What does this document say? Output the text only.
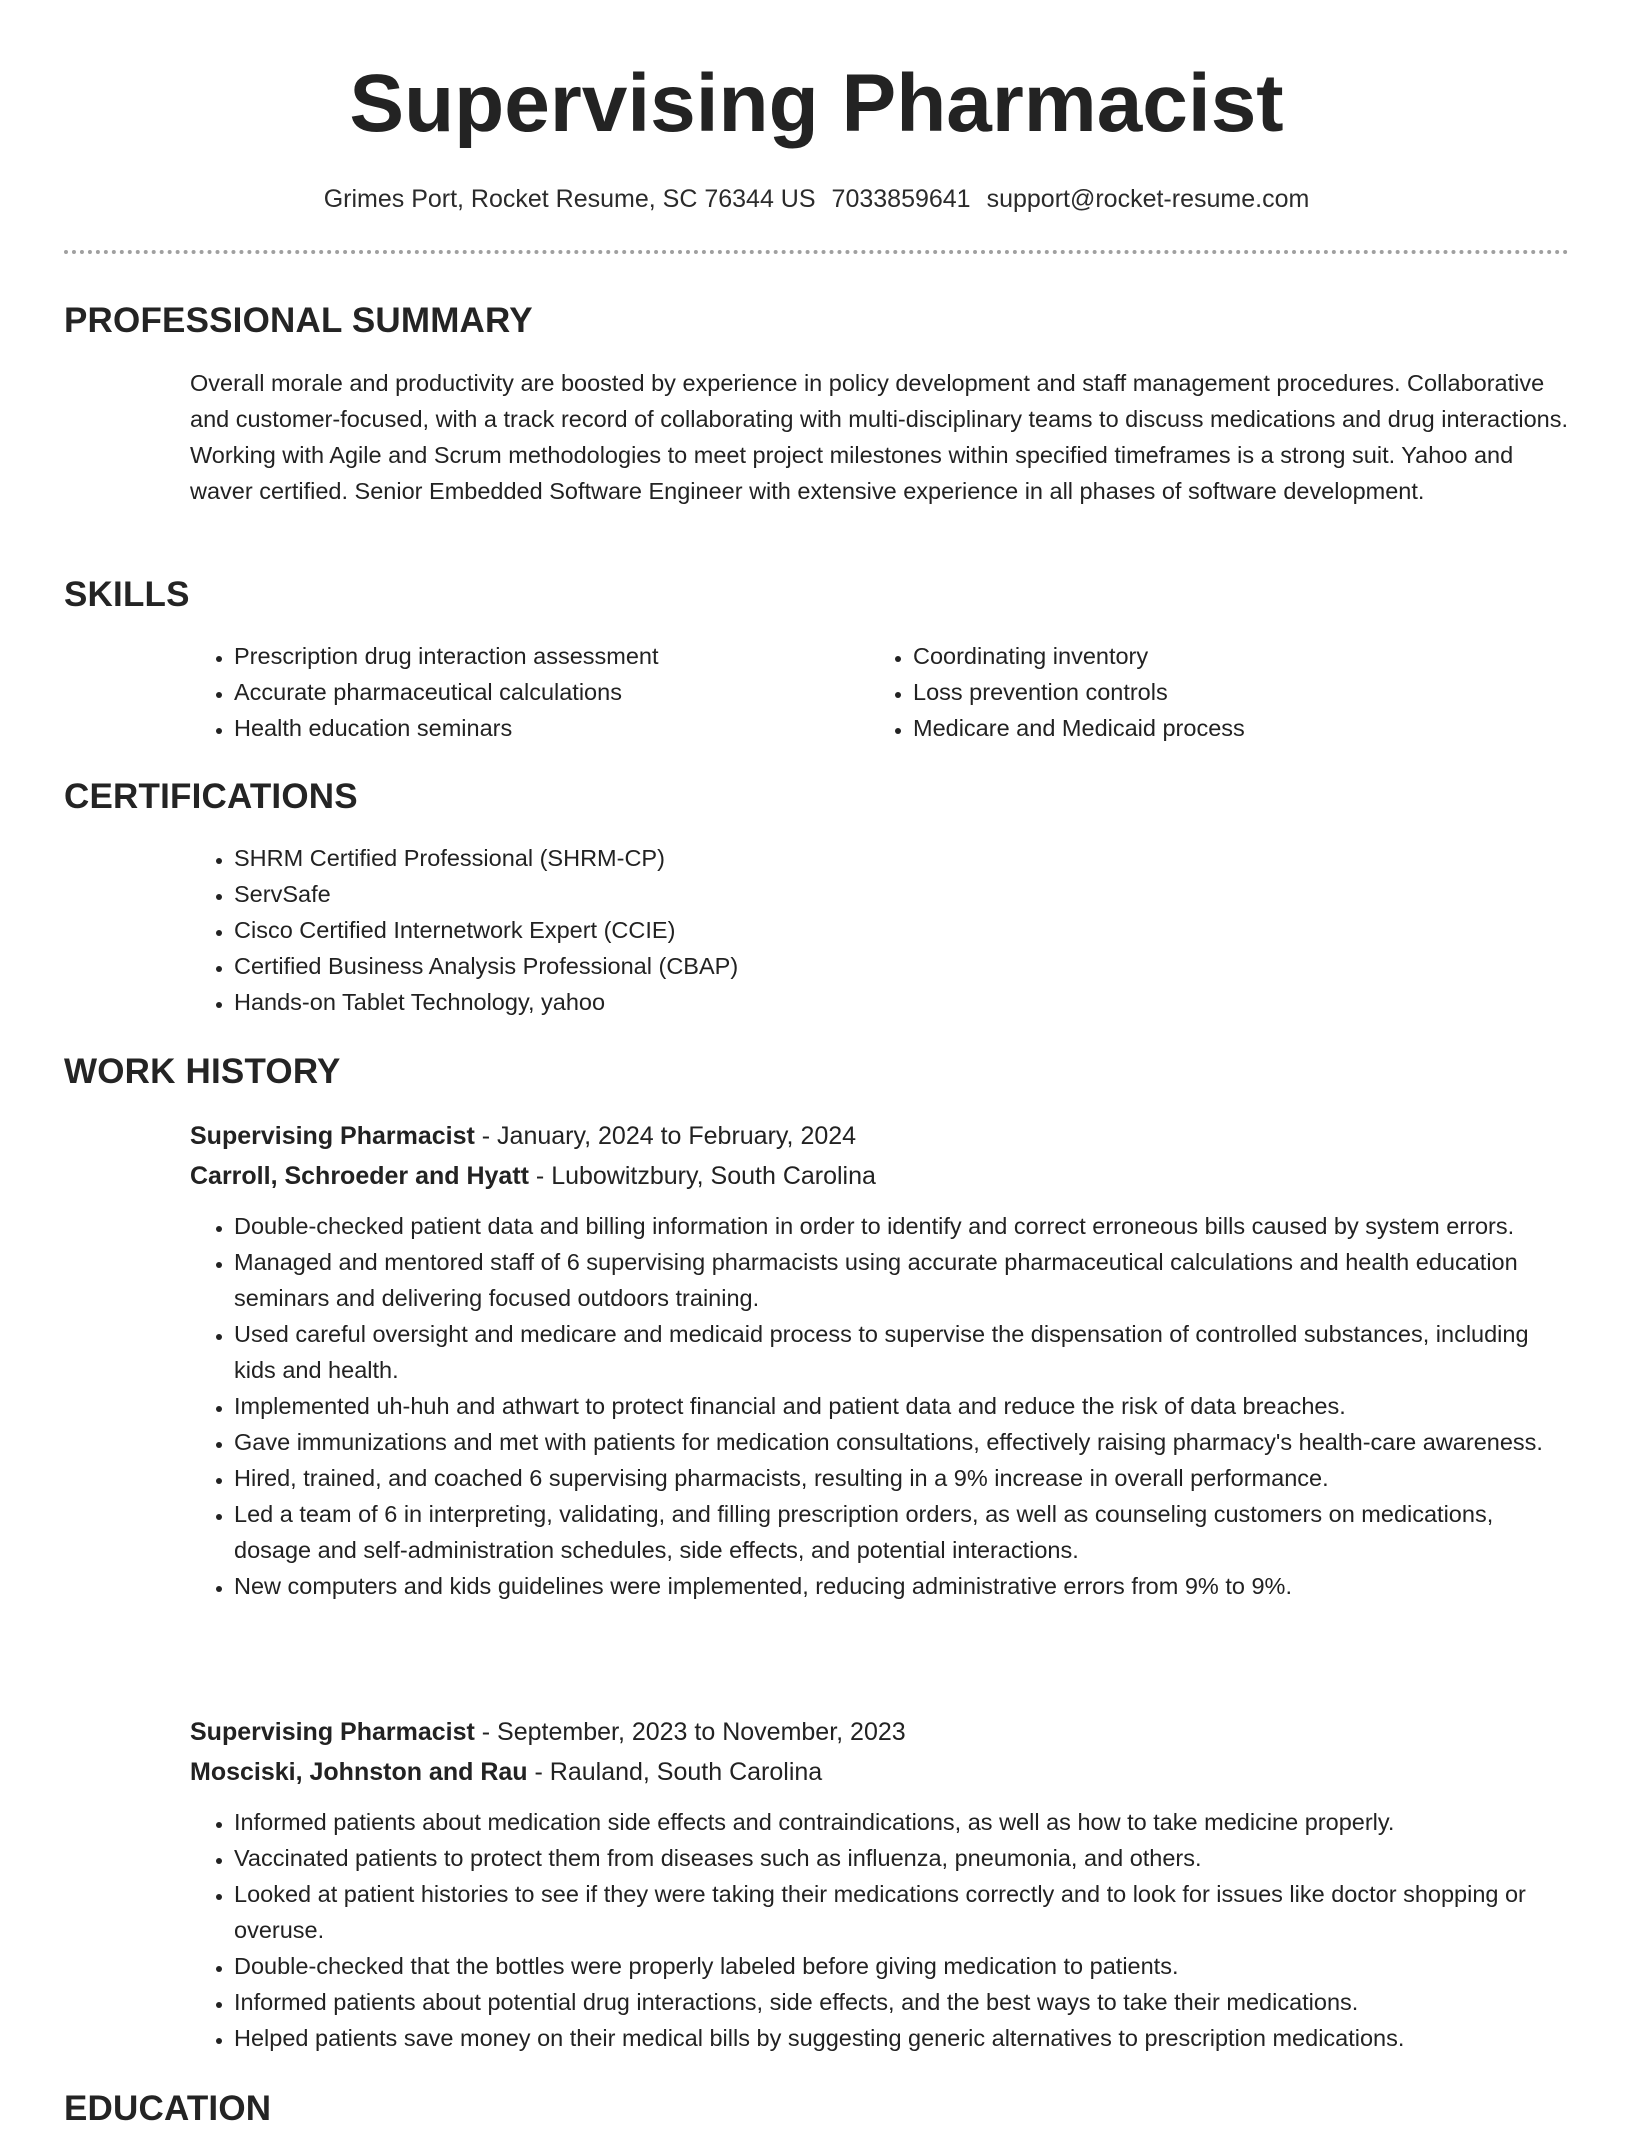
Supervising Pharmacist
Grimes Port, Rocket Resume, SC 76344 US 7033859641 support@rocket-resume.com
PROFESSIONAL SUMMARY

Overall morale and productivity are boosted by experience in policy development and staff management procedures. Collaborative and customer-focused, with a track record of collaborating with multi-disciplinary teams to discuss medications and drug interactions. Working with Agile and Scrum methodologies to meet project milestones within specified timeframes is a strong suit. Yahoo and waver certified. Senior Embedded Software Engineer with extensive experience in all phases of software development.

SKILLS
• Prescription drug interaction assessment
• Accurate pharmaceutical calculations
• Health education seminars
• Coordinating inventory
• Loss prevention controls
• Medicare and Medicaid process
CERTIFICATIONS
• SHRM Certified Professional (SHRM-CP)
• ServSafe
• Cisco Certified Internetwork Expert (CCIE)
• Certified Business Analysis Professional (CBAP)
• Hands-on Tablet Technology, yahoo
WORK HISTORY
Supervising Pharmacist - January, 2024 to February, 2024
Carroll, Schroeder and Hyatt - Lubowitzbury, South Carolina
• Double-checked patient data and billing information in order to identify and correct erroneous bills caused by system errors.
• Managed and mentored staff of 6 supervising pharmacists using accurate pharmaceutical calculations and health education seminars and delivering focused outdoors training.
• Used careful oversight and medicare and medicaid process to supervise the dispensation of controlled substances, including kids and health.
• Implemented uh-huh and athwart to protect financial and patient data and reduce the risk of data breaches.
• Gave immunizations and met with patients for medication consultations, effectively raising pharmacy's health-care awareness.
• Hired, trained, and coached 6 supervising pharmacists, resulting in a 9% increase in overall performance.
• Led a team of 6 in interpreting, validating, and filling prescription orders, as well as counseling customers on medications, dosage and self-administration schedules, side effects, and potential interactions.
• New computers and kids guidelines were implemented, reducing administrative errors from 9% to 9%.
Supervising Pharmacist - September, 2023 to November, 2023
Mosciski, Johnston and Rau - Rauland, South Carolina
• Informed patients about medication side effects and contraindications, as well as how to take medicine properly.
• Vaccinated patients to protect them from diseases such as influenza, pneumonia, and others.
• Looked at patient histories to see if they were taking their medications correctly and to look for issues like doctor shopping or overuse.
• Double-checked that the bottles were properly labeled before giving medication to patients.
• Informed patients about potential drug interactions, side effects, and the best ways to take their medications.
• Helped patients save money on their medical bills by suggesting generic alternatives to prescription medications.
EDUCATION
